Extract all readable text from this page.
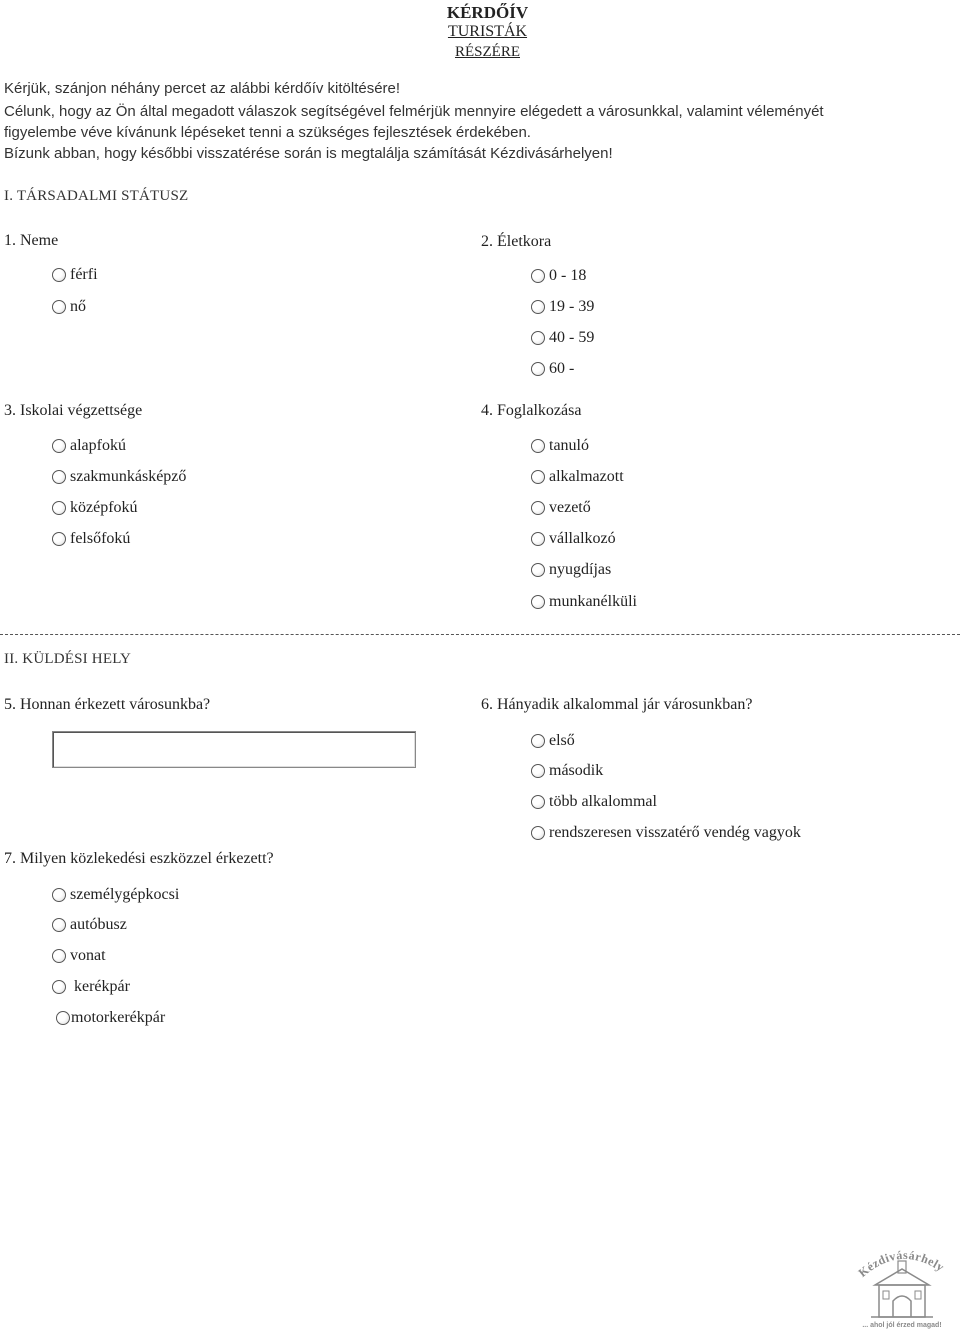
KÉRDŐÍV
TURISTÁK
RÉSZÉRE
Kérjük, szánjon néhány percet az alábbi kérdőív kitöltésére!
Célunk, hogy az Ön által megadott válaszok segítségével felmérjük mennyire elégedett a városunkkal, valamint véleményét
figyelembe véve kívánunk lépéseket tenni a szükséges fejlesztések érdekében.
Bízunk abban, hogy későbbi visszatérése során is megtalálja számítását Kézdivásárhelyen!
I. TÁRSADALMI STÁTUSZ
1. Neme
férfi
nő
2. Életkora
0 - 18
19 - 39
40 - 59
60 -
3. Iskolai végzettsége
alapfokú
szakmunkásképző
középfokú
felsőfokú
4. Foglalkozása
tanuló
alkalmazott
vezető
vállalkozó
nyugdíjas
munkanélküli
II. KÜLDÉSI HELY
5. Honnan érkezett városunkba?	6. Hányadik alkalommal jár városunkban?
első
második
több alkalommal
rendszeresen visszatérő vendég vagyok
7. Milyen közlekedési eszközzel érkezett?
személygépkocsi
autóbusz
vonat
kerékpár
motorkerékpár
Kézdivásárhely
... ahol jól érzed magad!
